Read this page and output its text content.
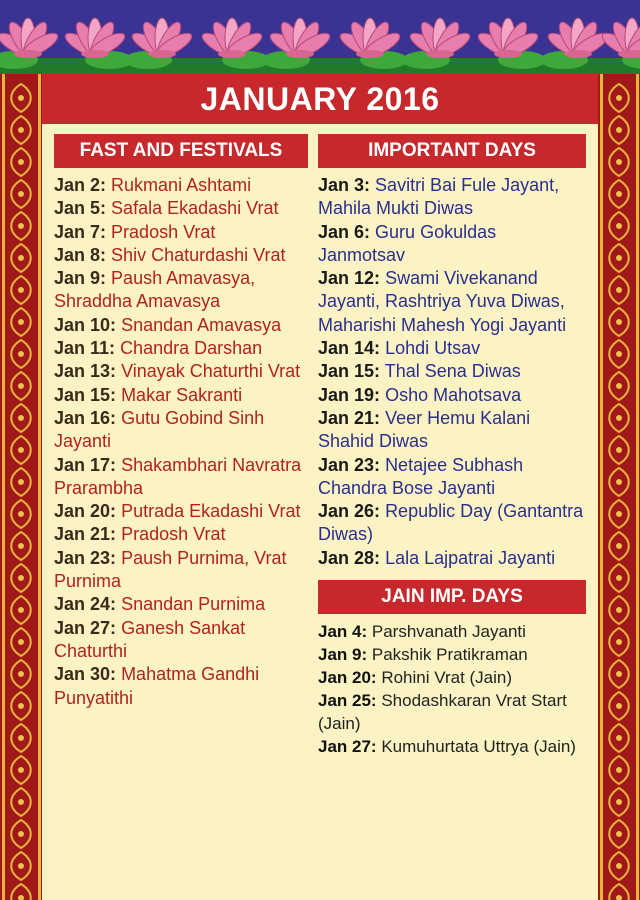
JANUARY 2016
FAST AND FESTIVALS
Jan 2: Rukmani Ashtami
Jan 5: Safala Ekadashi Vrat
Jan 7: Pradosh Vrat
Jan 8: Shiv Chaturdashi Vrat
Jan 9: Paush Amavasya, Shraddha Amavasya
Jan 10: Snandan Amavasya
Jan 11: Chandra Darshan
Jan 13: Vinayak Chaturthi Vrat
Jan 15: Makar Sakranti
Jan 16: Gutu Gobind Sinh Jayanti
Jan 17: Shakambhari Navratra Prarambha
Jan 20: Putrada Ekadashi Vrat
Jan 21: Pradosh Vrat
Jan 23: Paush Purnima, Vrat Purnima
Jan 24: Snandan Purnima
Jan 27: Ganesh Sankat Chaturthi
Jan 30: Mahatma Gandhi Punyatithi
IMPORTANT DAYS
Jan 3: Savitri Bai Fule Jayant, Mahila Mukti Diwas
Jan 6: Guru Gokuldas Janmotsav
Jan 12: Swami Vivekanand Jayanti, Rashtriya Yuva Diwas, Maharishi Mahesh Yogi Jayanti
Jan 14: Lohdi Utsav
Jan 15: Thal Sena Diwas
Jan 19: Osho Mahotsava
Jan 21: Veer Hemu Kalani Shahid Diwas
Jan 23: Netajee Subhash Chandra Bose Jayanti
Jan 26: Republic Day (Gantantra Diwas)
Jan 28: Lala Lajpatrai Jayanti
JAIN IMP. DAYS
Jan 4: Parshvanath Jayanti
Jan 9: Pakshik Pratikraman
Jan 20: Rohini Vrat (Jain)
Jan 25: Shodashkaran Vrat Start (Jain)
Jan 27: Kumuhurtata Uttrya (Jain)
